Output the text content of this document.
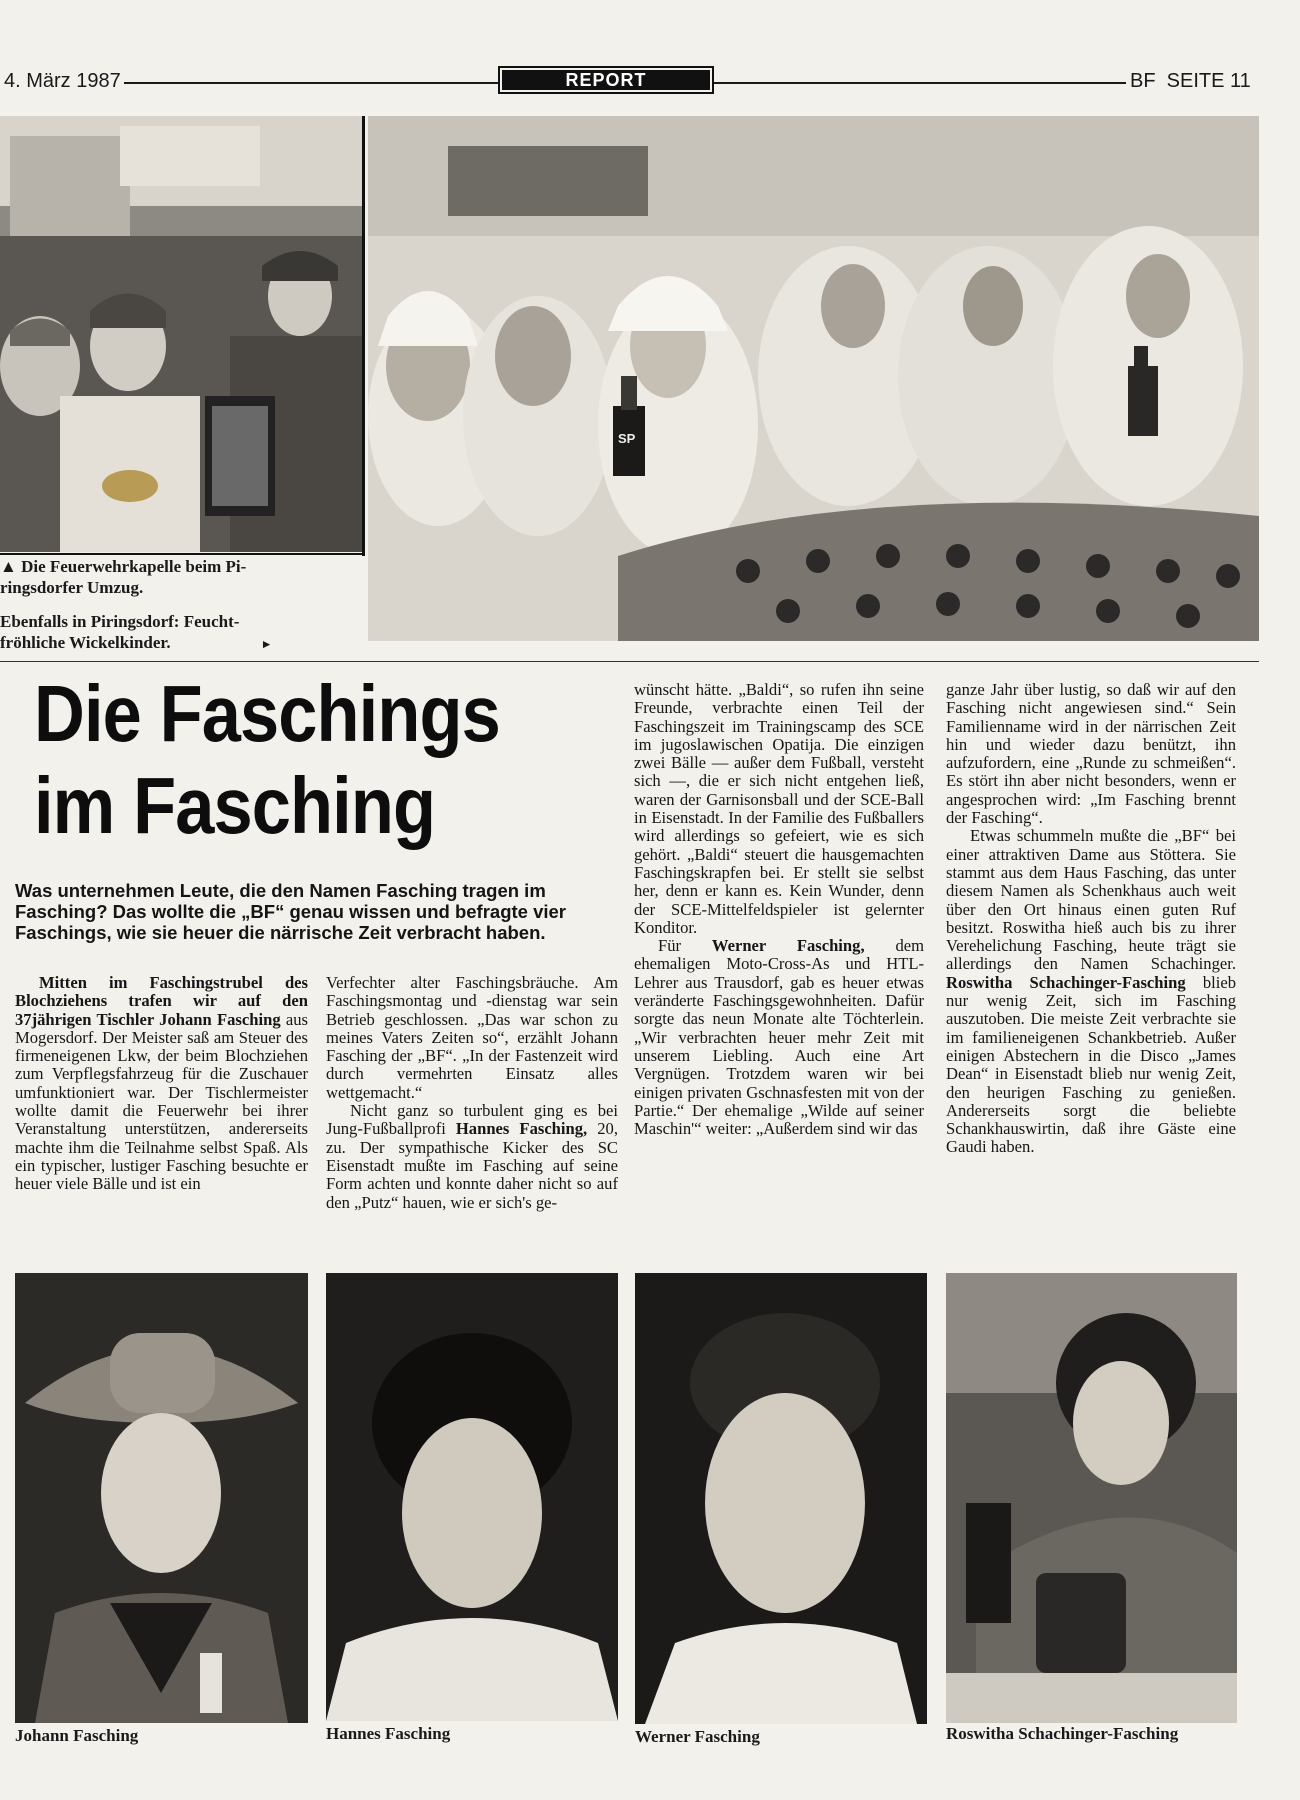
4. März 1987	REPORT	BF  SEITE 11
SP
▲ Die Feuerwehrkapelle beim Pi-
ringsdorfer Umzug.
Ebenfalls in Piringsdorf: Feucht-
fröhliche Wickelkinder.	►
Die Faschings
im Fasching
Was unternehmen Leute, die den Namen Fasching tragen im Fasching? Das wollte die „BF“ genau wissen und befragte vier Faschings, wie sie heuer die närrische Zeit verbracht haben.

Mitten im Faschingstrubel des Blochziehens trafen wir auf den 37jährigen Tischler Johann Fasching aus Mogersdorf. Der Meister saß am Steuer des firmeneigenen Lkw, der beim Blochziehen zum Verpflegsfahrzeug für die Zuschauer umfunktioniert war. Der Tischlermeister wollte damit die Feuerwehr bei ihrer Veranstaltung unterstützen, andererseits machte ihm die Teilnahme selbst Spaß. Als ein typischer, lustiger Fasching besuchte er heuer viele Bälle und ist ein

Verfechter alter Faschingsbräuche. Am Faschingsmontag und -dienstag war sein Betrieb geschlossen. „Das war schon zu meines Vaters Zeiten so“, erzählt Johann Fasching der „BF“. „In der Fastenzeit wird durch vermehrten Einsatz alles wettgemacht.“

Nicht ganz so turbulent ging es bei Jung-Fußballprofi Hannes Fasching, 20, zu. Der sympathische Kicker des SC Eisenstadt mußte im Fasching auf seine Form achten und konnte daher nicht so auf den „Putz“ hauen, wie er sich's ge-

wünscht hätte. „Baldi“, so rufen ihn seine Freunde, verbrachte einen Teil der Faschingszeit im Trainingscamp des SCE im jugoslawischen Opatija. Die einzigen zwei Bälle — außer dem Fußball, versteht sich —, die er sich nicht entgehen ließ, waren der Garnisonsball und der SCE-Ball in Eisenstadt. In der Familie des Fußballers wird allerdings so gefeiert, wie es sich gehört. „Baldi“ steuert die hausgemachten Faschingskrapfen bei. Er stellt sie selbst her, denn er kann es. Kein Wunder, denn der SCE-Mittelfeldspieler ist gelernter Konditor.

Für Werner Fasching, dem ehemaligen Moto-Cross-As und HTL-Lehrer aus Trausdorf, gab es heuer etwas veränderte Faschingsgewohnheiten. Dafür sorgte das neun Monate alte Töchterlein. „Wir verbrachten heuer mehr Zeit mit unserem Liebling. Auch eine Art Vergnügen. Trotzdem waren wir bei einigen privaten Gschnasfesten mit von der Partie.“ Der ehemalige „Wilde auf seiner Maschin'“ weiter: „Außerdem sind wir das

ganze Jahr über lustig, so daß wir auf den Fasching nicht angewiesen sind.“ Sein Familienname wird in der närrischen Zeit hin und wieder dazu benützt, ihn aufzufordern, eine „Runde zu schmeißen“. Es stört ihn aber nicht besonders, wenn er angesprochen wird: „Im Fasching brennt der Fasching“.

Etwas schummeln mußte die „BF“ bei einer attraktiven Dame aus Stöttera. Sie stammt aus dem Haus Fasching, das unter diesem Namen als Schenkhaus auch weit über den Ort hinaus einen guten Ruf besitzt. Roswitha hieß auch bis zu ihrer Verehelichung Fasching, heute trägt sie allerdings den Namen Schachinger. Roswitha Schachinger-Fasching blieb nur wenig Zeit, sich im Fasching auszutoben. Die meiste Zeit verbrachte sie im familieneigenen Schankbetrieb. Außer einigen Abstechern in die Disco „James Dean“ in Eisenstadt blieb nur wenig Zeit, den heurigen Fasching zu genießen. Andererseits sorgt die beliebte Schankhauswirtin, daß ihre Gäste eine Gaudi haben.

Johann Fasching	Hannes Fasching	Werner Fasching	Roswitha Schachinger-Fasching
